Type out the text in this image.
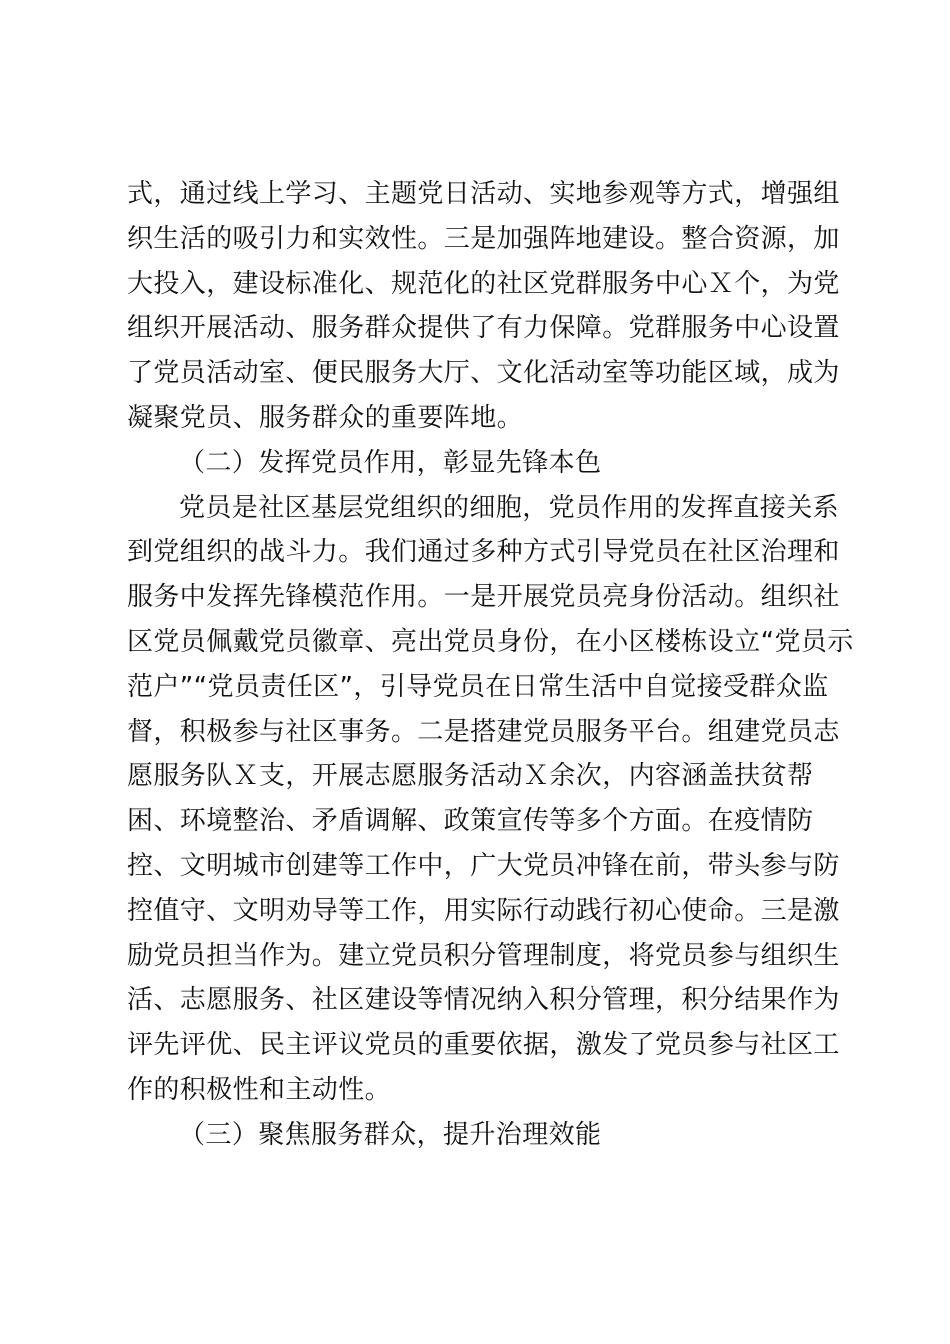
式，通过线上学习、主题党日活动、实地参观等方式，增强组
织生活的吸引力和实效性。三是加强阵地建设。整合资源，加
大投入，建设标准化、规范化的社区党群服务中心Ｘ个，为党
组织开展活动、服务群众提供了有力保障。党群服务中心设置
了党员活动室、便民服务大厅、文化活动室等功能区域，成为
凝聚党员、服务群众的重要阵地。
（二）发挥党员作用，彰显先锋本色
党员是社区基层党组织的细胞，党员作用的发挥直接关系
到党组织的战斗力。我们通过多种方式引导党员在社区治理和
服务中发挥先锋模范作用。一是开展党员亮身份活动。组织社
区党员佩戴党员徽章、亮出党员身份，在小区楼栋设立“党员示
范户”“党员责任区”，引导党员在日常生活中自觉接受群众监
督，积极参与社区事务。二是搭建党员服务平台。组建党员志
愿服务队Ｘ支，开展志愿服务活动Ｘ余次，内容涵盖扶贫帮
困、环境整治、矛盾调解、政策宣传等多个方面。在疫情防
控、文明城市创建等工作中，广大党员冲锋在前，带头参与防
控值守、文明劝导等工作，用实际行动践行初心使命。三是激
励党员担当作为。建立党员积分管理制度，将党员参与组织生
活、志愿服务、社区建设等情况纳入积分管理，积分结果作为
评先评优、民主评议党员的重要依据，激发了党员参与社区工
作的积极性和主动性。
（三）聚焦服务群众，提升治理效能
